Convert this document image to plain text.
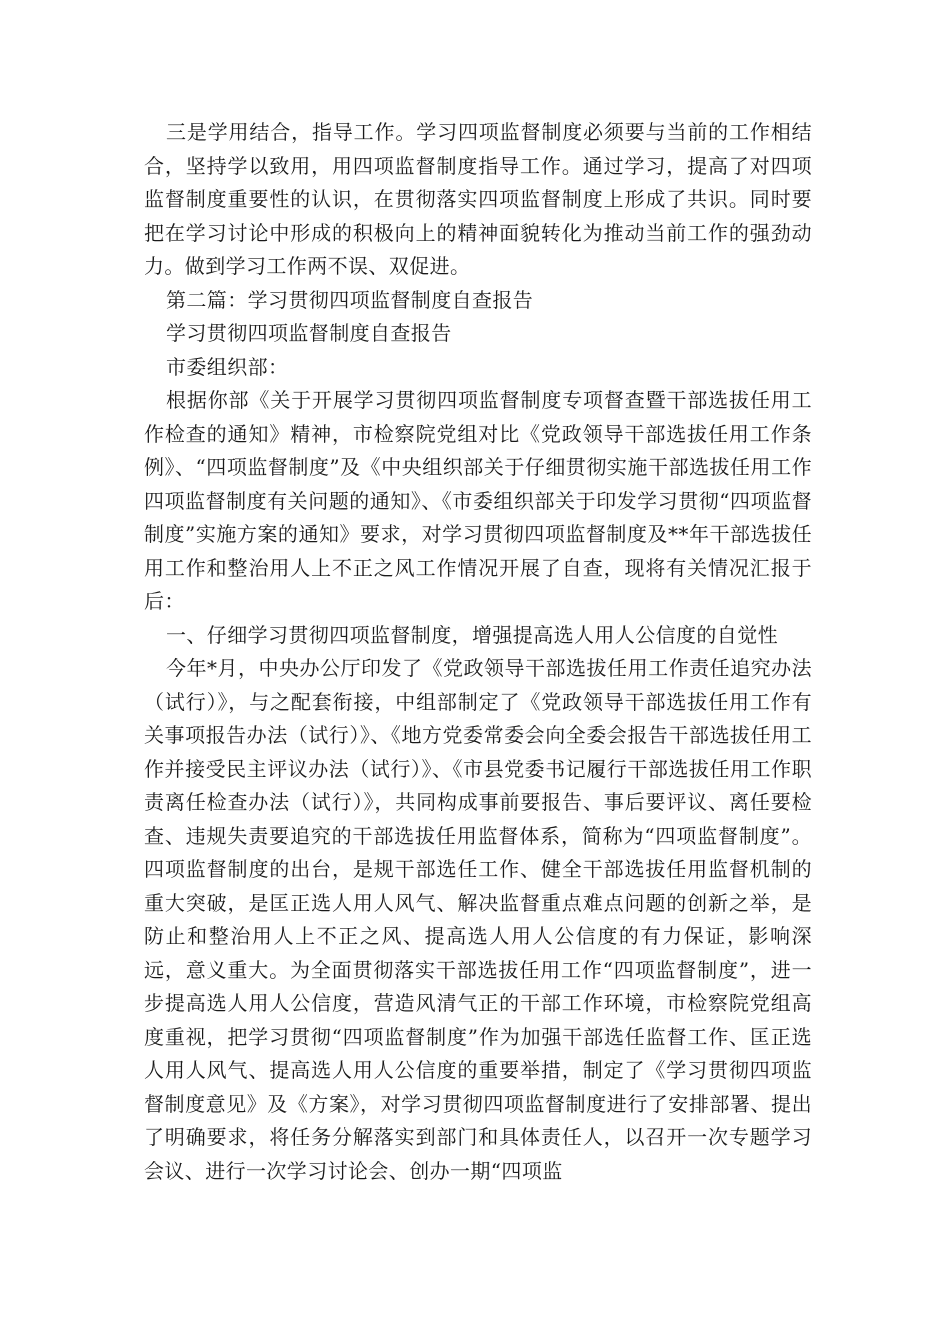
三是学用结合，指导工作。学习四项监督制度必须要与当前的工作相结合，坚持学以致用，用四项监督制度指导工作。通过学习，提高了对四项监督制度重要性的认识，在贯彻落实四项监督制度上形成了共识。同时要把在学习讨论中形成的积极向上的精神面貌转化为推动当前工作的强劲动力。做到学习工作两不误、双促进。

第二篇：学习贯彻四项监督制度自查报告

学习贯彻四项监督制度自查报告

市委组织部：

根据你部《关于开展学习贯彻四项监督制度专项督查暨干部选拔任用工作检查的通知》精神，市检察院党组对比《党政领导干部选拔任用工作条例》、“四项监督制度”及《中央组织部关于仔细贯彻实施干部选拔任用工作四项监督制度有关问题的通知》、《市委组织部关于印发学习贯彻“四项监督制度”实施方案的通知》要求，对学习贯彻四项监督制度及**年干部选拔任用工作和整治用人上不正之风工作情况开展了自查，现将有关情况汇报于后：

一、仔细学习贯彻四项监督制度，增强提高选人用人公信度的自觉性

今年*月，中央办公厅印发了《党政领导干部选拔任用工作责任追究办法（试行）》，与之配套衔接，中组部制定了《党政领导干部选拔任用工作有关事项报告办法（试行）》、《地方党委常委会向全委会报告干部选拔任用工作并接受民主评议办法（试行）》、《市县党委书记履行干部选拔任用工作职责离任检查办法（试行）》，共同构成事前要报告、事后要评议、离任要检查、违规失责要追究的干部选拔任用监督体系，简称为“四项监督制度”。四项监督制度的出台，是规干部选任工作、健全干部选拔任用监督机制的重大突破，是匡正选人用人风气、解决监督重点难点问题的创新之举，是防止和整治用人上不正之风、提高选人用人公信度的有力保证，影响深远，意义重大。为全面贯彻落实干部选拔任用工作“四项监督制度”，进一步提高选人用人公信度，营造风清气正的干部工作环境，市检察院党组高度重视，把学习贯彻“四项监督制度”作为加强干部选任监督工作、匡正选人用人风气、提高选人用人公信度的重要举措，制定了《学习贯彻四项监督制度意见》及《方案》，对学习贯彻四项监督制度进行了安排部署、提出了明确要求，将任务分解落实到部门和具体责任人，以召开一次专题学习会议、进行一次学习讨论会、创办一期“四项监
